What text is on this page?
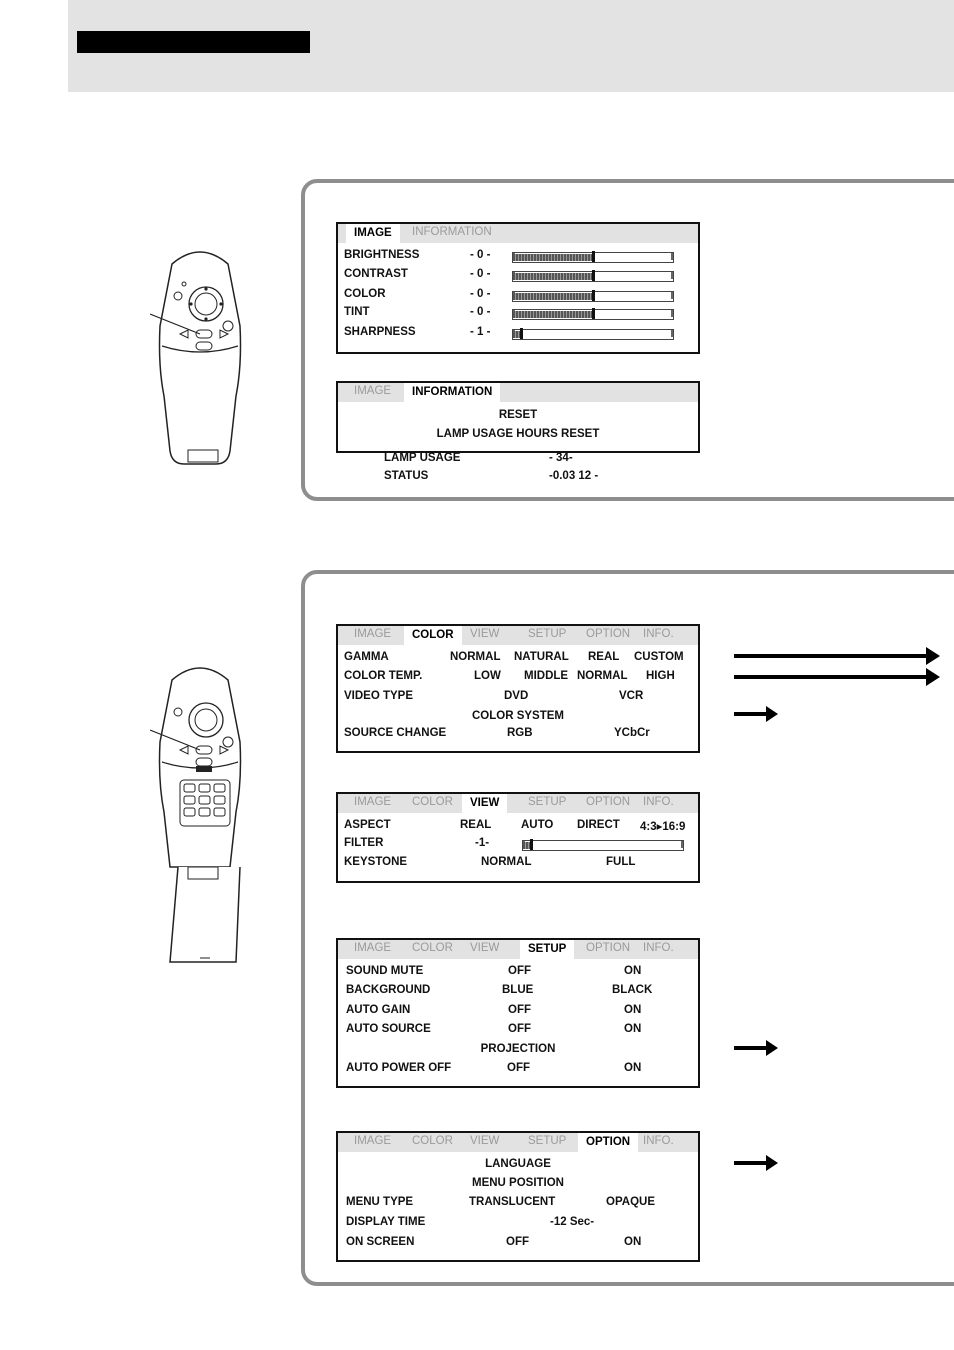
IMAGE	INFORMATION
BRIGHTNESS	- 0 -
CONTRAST	- 0 -
COLOR	- 0 -
TINT	- 0 -
SHARPNESS	- 1 -
IMAGE	INFORMATION
RESET
LAMP USAGE HOURS RESET
LAMP USAGE	- 34-
STATUS	-0.03 12 -
IMAGE	COLOR	VIEW SETUP OPTION INFO.
GAMMA	NORMAL NATURAL REAL CUSTOM
COLOR TEMP.	LOW MIDDLE NORMAL HIGH
VIDEO TYPE	DVD	VCR
COLOR SYSTEM
SOURCE CHANGE	RGB	YCbCr
IMAGE COLOR	VIEW	SETUP OPTION INFO.
ASPECT	REAL	AUTO DIRECT 4:3▸16:9
FILTER	-1-
KEYSTONE	NORMAL	FULL
IMAGE COLOR VIEW	SETUP	OPTION INFO.
SOUND MUTE	OFF	ON
BACKGROUND	BLUE	BLACK
AUTO GAIN	OFF	ON
AUTO SOURCE	OFF	ON
PROJECTION
AUTO POWER OFF	OFF	ON
IMAGE COLOR VIEW SETUP	OPTION	INFO.
LANGUAGE
MENU POSITION
MENU TYPE	TRANSLUCENT	OPAQUE
DISPLAY TIME	-12 Sec-
ON SCREEN	OFF	ON
